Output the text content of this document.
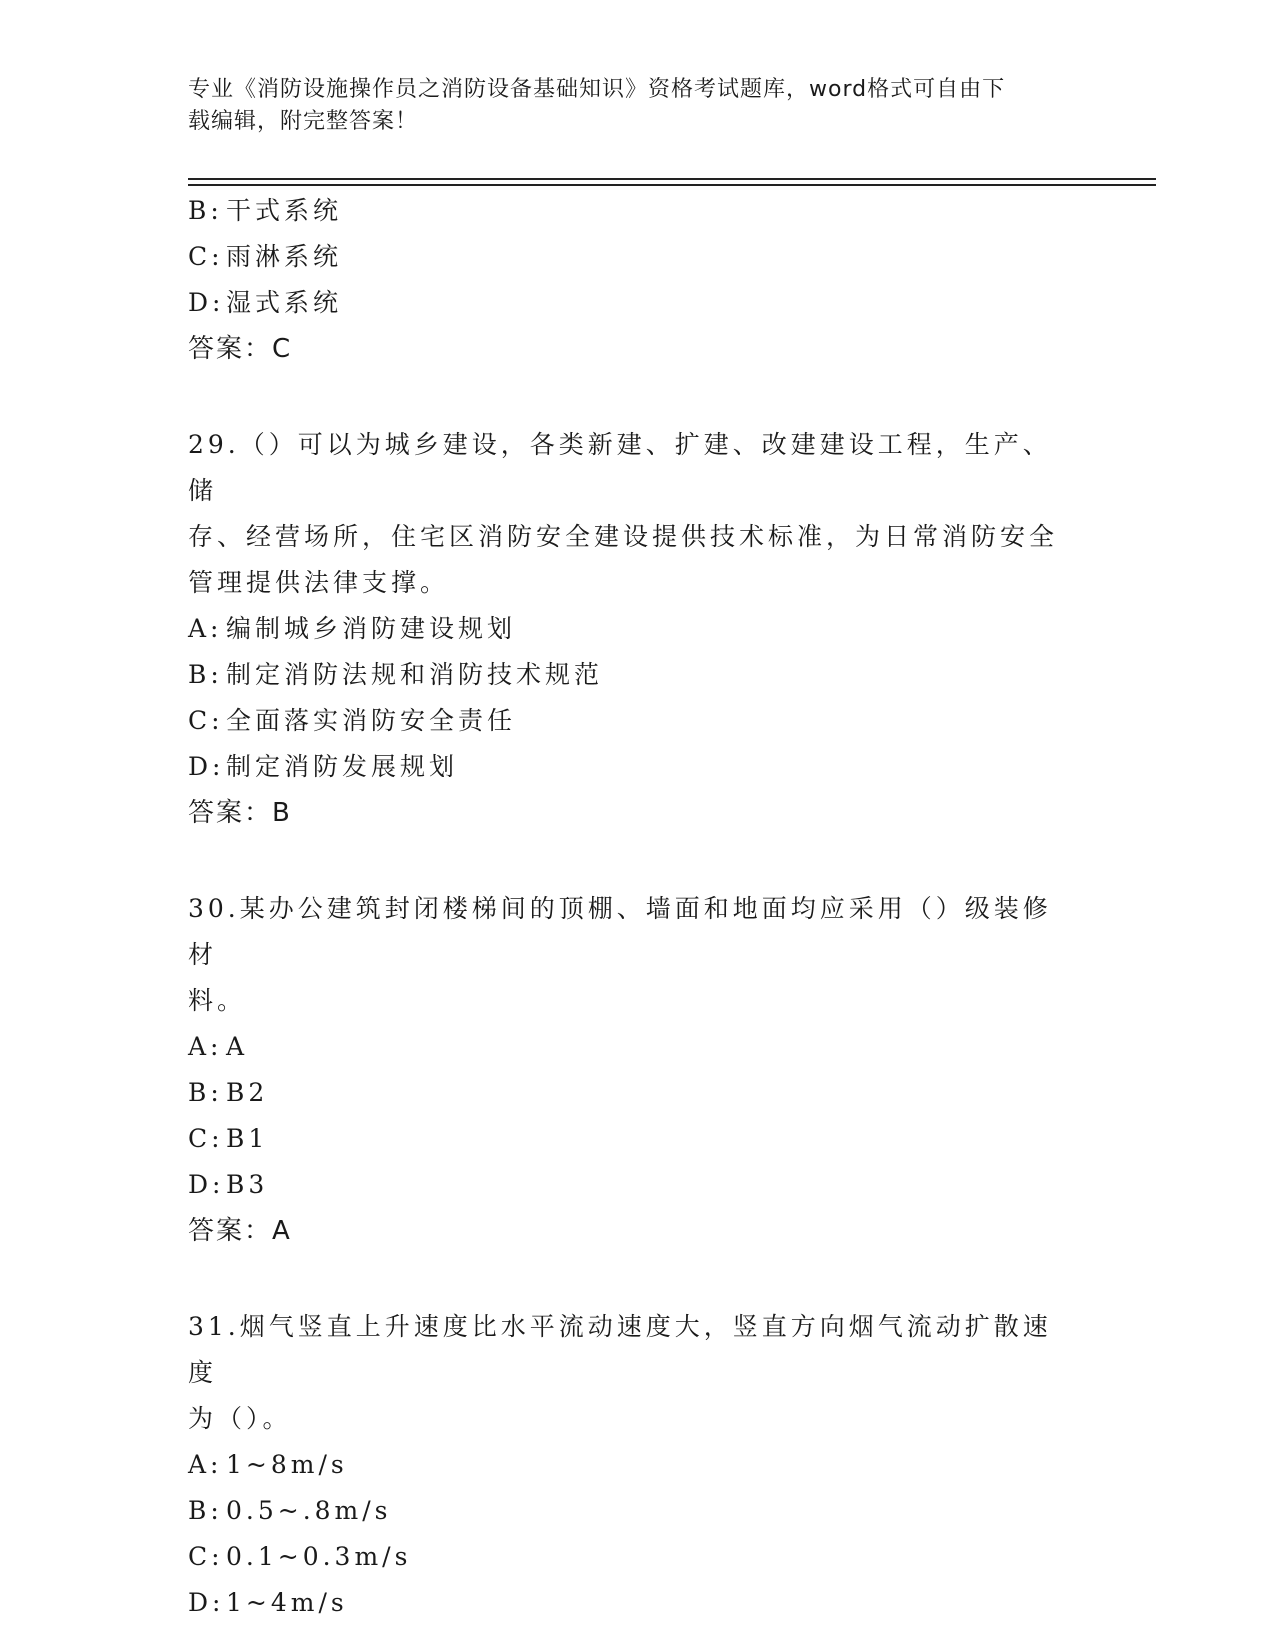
专业《消防设施操作员之消防设备基础知识》资格考试题库，word格式可自由下
载编辑，附完整答案！
B: 干式系统
C:雨淋系统
D:湿式系统
答案：C
29.（）可以为城乡建设，各类新建、扩建、改建建设工程，生产、储
存、经营场所，住宅区消防安全建设提供技术标准，为日常消防安全
管理提供法律支撑。
A: 编制城乡消防建设规划
B: 制定消防法规和消防技术规范
C:全面落实消防安全责任
D:制定消防发展规划
答案：B
30.某办公建筑封闭楼梯间的顶棚、墙面和地面均应采用（）级装修材
料。
A: A
B: B2
C:B1
D:B3
答案：A
31.烟气竖直上升速度比水平流动速度大，竖直方向烟气流动扩散速度
为（）。
A: 1~8m/s
B: 0.5~.8m/s
C:0.1~0.3m/s
D:1~4m/s
